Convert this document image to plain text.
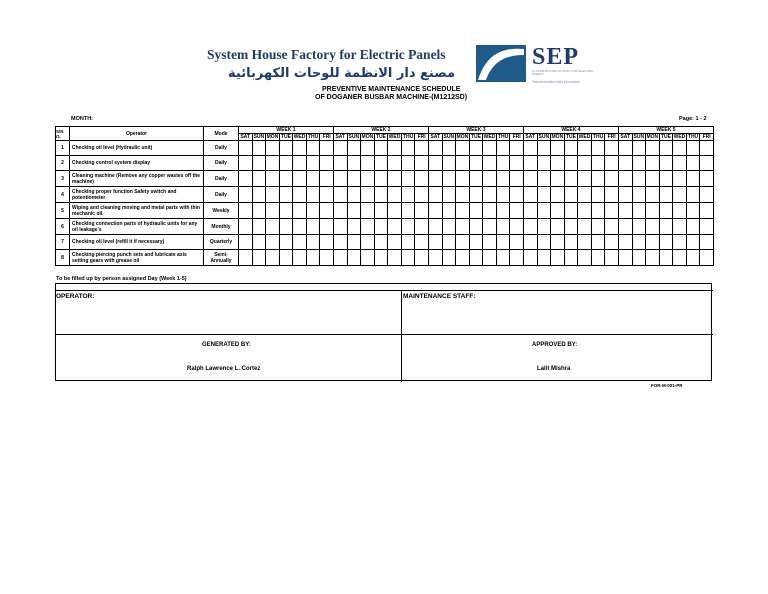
System House Factory for Electric Panels
مصنع دار الانظمة للوحات الكهربائية
PREVENTIVE MAINTENANCE SCHEDULE
OF DOGANER BUSBAR MACHINE-(M1212SD)
SEP
SYSTEM HOUSE FACTORY FOR ELECTRIC PANELS
Transformation with Innovation
MONTH:	Page: 1 - 2
S/N O.	Operator	Mode	WEEK 1							WEEK 2							WEEK 3							WEEK 4							WEEK 5						
			SAT	SUN	MON	TUE	WED	THU	FRI	SAT	SUN	MON	TUE	WED	THU	FRI	SAT	SUN	MON	TUE	WED	THU	FRI	SAT	SUN	MON	TUE	WED	THU	FRI	SAT	SUN	MON	TUE	WED	THU	FRI
1	Checking oil level (Hydraulic unit)	Daily																																			
2	Checking control system display	Daily																																			
3	Cleaning machine (Remove any copper wastes off the machine)	Daily																																			
4	Checking proper function Safety switch and potentiometer	Daily																																			
5	Wiping and cleaning moving and metal parts with thin mechanic oil.	Weekly																																			
6	Checking connection parts of hydraulic units for any oil leakage's	Monthly																																			
7	Checking oil level (refill it if necessary)	Quarterly																																			
8	Checking piercing punch sets and lubricate axis setting gears with grease oil	Semi-Annually																																			
To be filled up by person assigned Day (Week 1-5)
OPERATOR:	MAINTENANCE STAFF:
GENERATED BY:
Ralph Lawrence L. Cortez
APPROVED BY:
Lalit Mishra
FOR-M-001-PR
